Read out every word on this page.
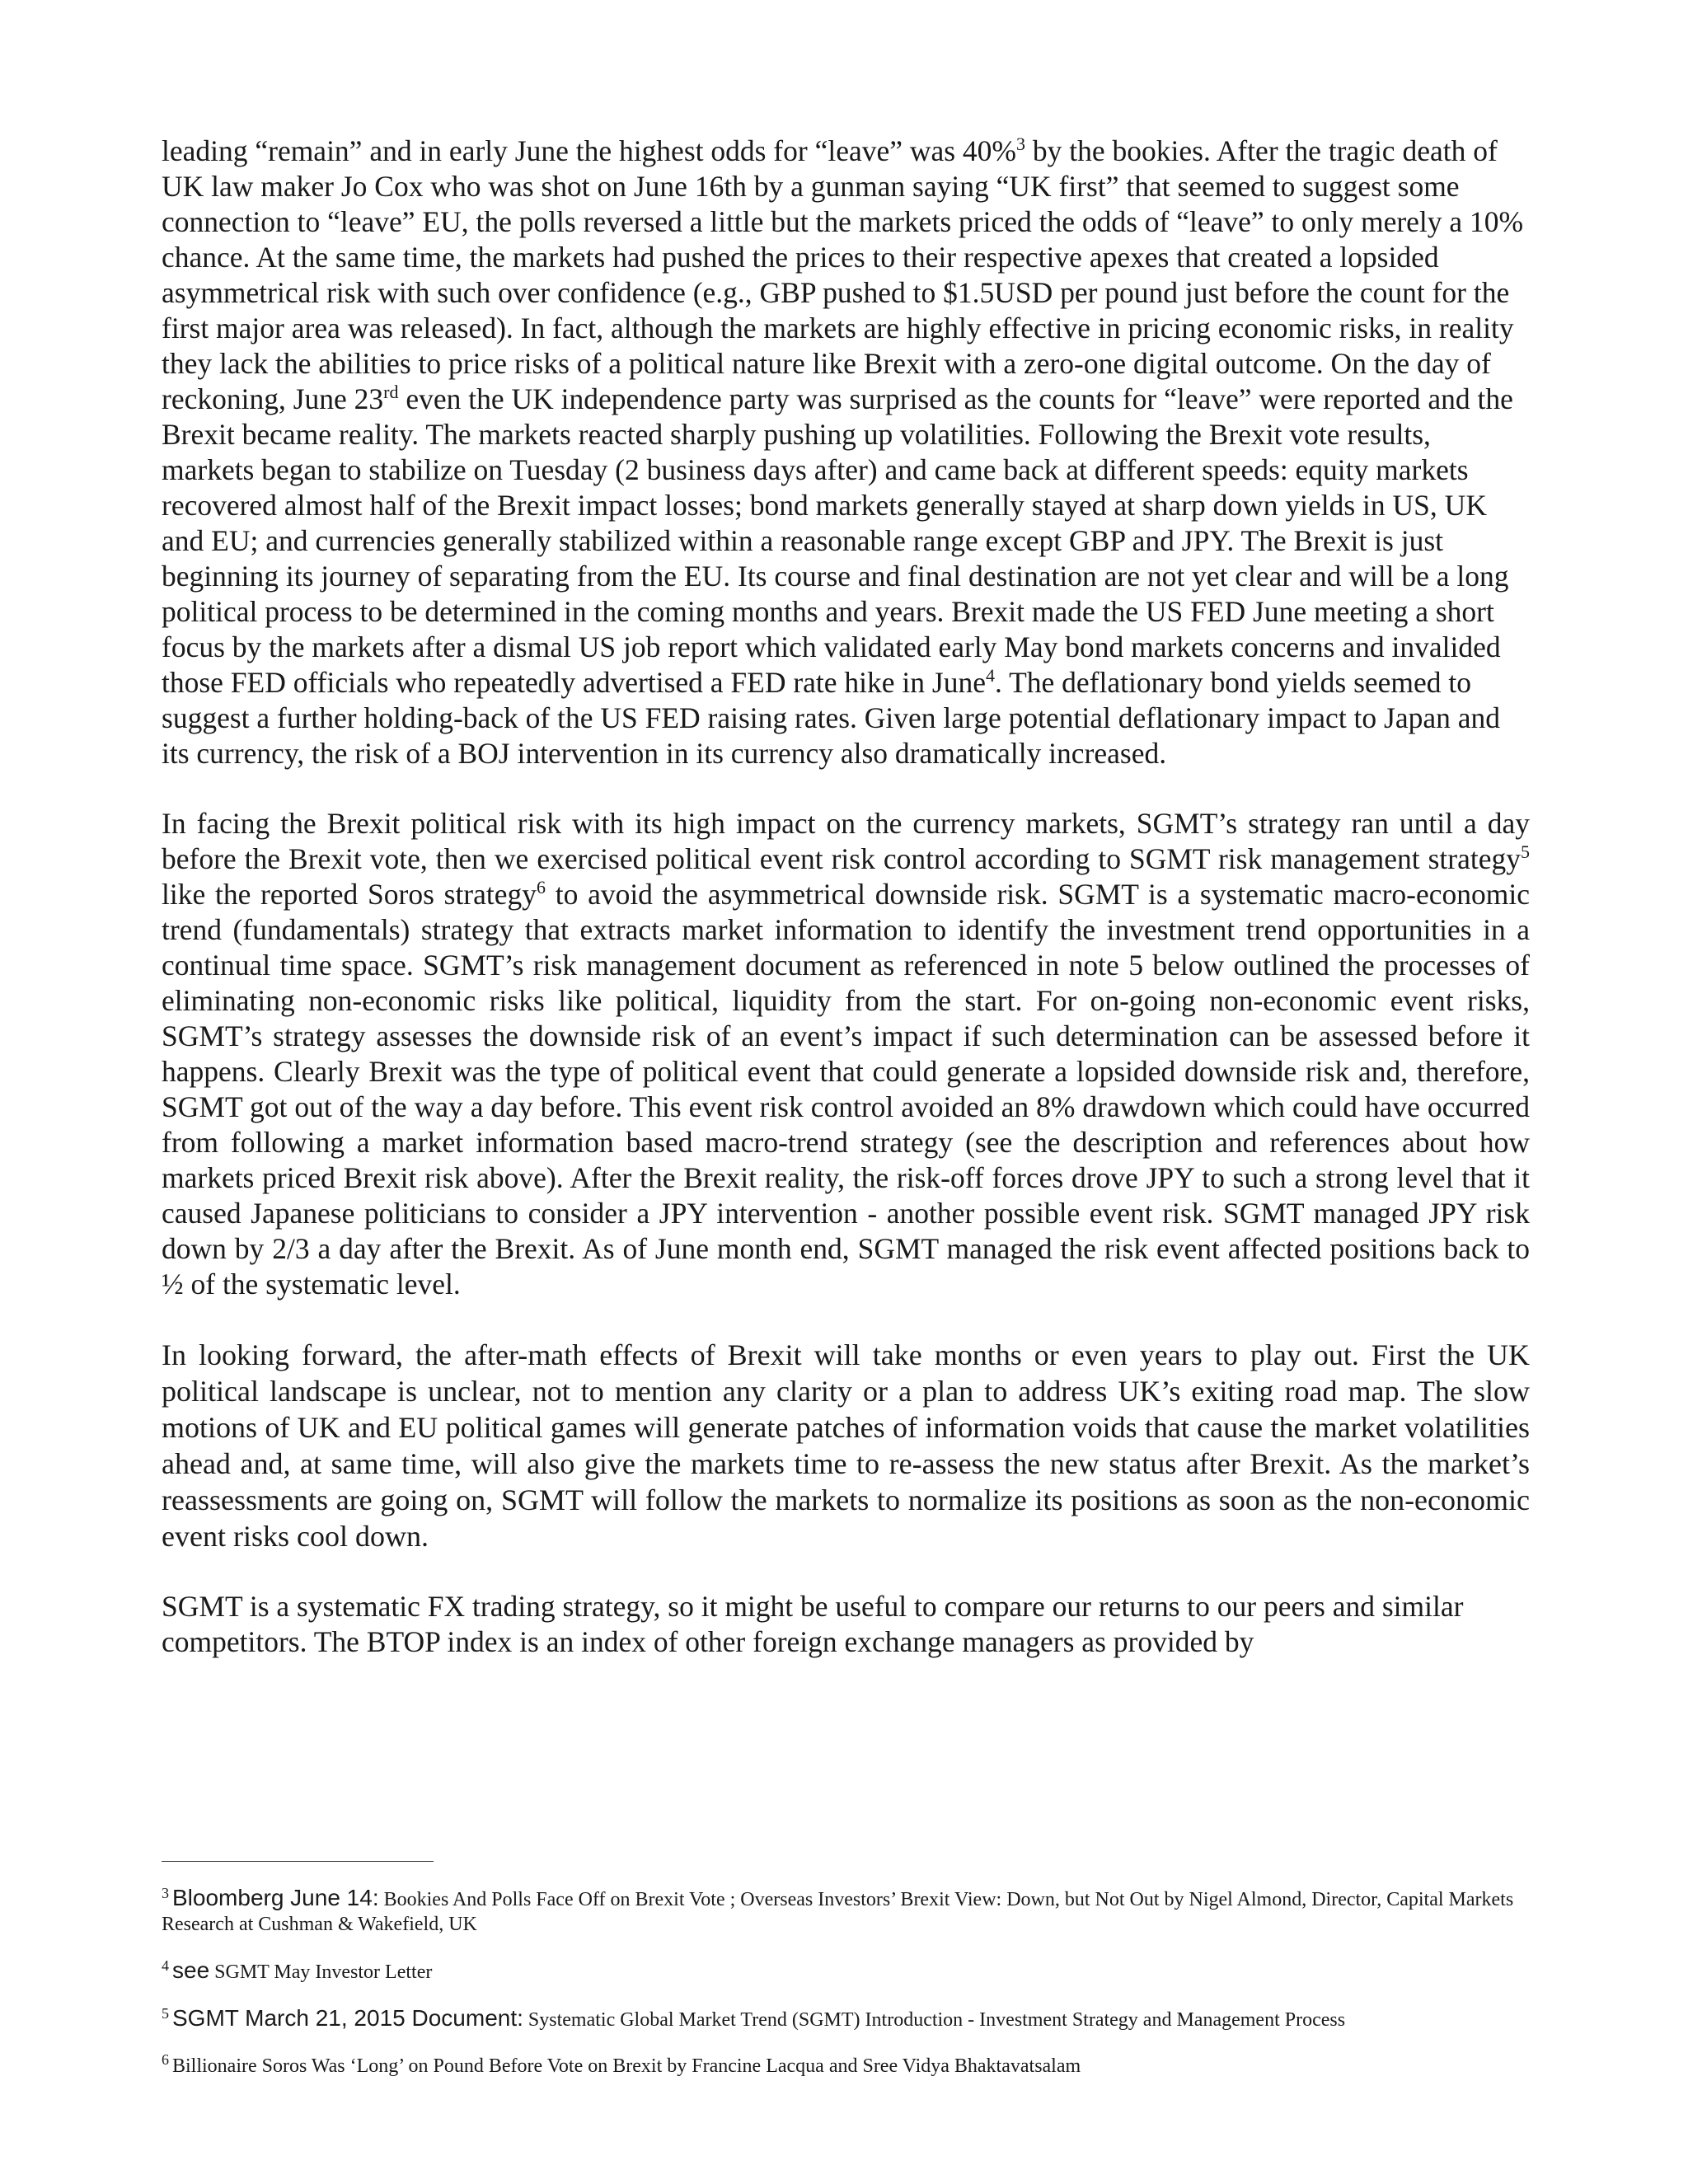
leading “remain” and in early June the highest odds for “leave” was 40%$^3$ by the bookies. After the tragic death of UK law maker Jo Cox who was shot on June 16th by a gunman saying “UK first” that seemed to suggest some connection to “leave” EU, the polls reversed a little but the markets priced the odds of “leave” to only merely a 10% chance. At the same time, the markets had pushed the prices to their respective apexes that created a lopsided asymmetrical risk with such over confidence (e.g., GBP pushed to $1.5USD per pound just before the count for the first major area was released). In fact, although the markets are highly effective in pricing economic risks, in reality they lack the abilities to price risks of a political nature like Brexit with a zero-one digital outcome. On the day of reckoning, June 23rd even the UK independence party was surprised as the counts for “leave” were reported and the Brexit became reality. The markets reacted sharply pushing up volatilities. Following the Brexit vote results, markets began to stabilize on Tuesday (2 business days after) and came back at different speeds: equity markets recovered almost half of the Brexit impact losses; bond markets generally stayed at sharp down yields in US, UK and EU; and currencies generally stabilized within a reasonable range except GBP and JPY. The Brexit is just beginning its journey of separating from the EU. Its course and final destination are not yet clear and will be a long political process to be determined in the coming months and years. Brexit made the US FED June meeting a short focus by the markets after a dismal US job report which validated early May bond markets concerns and invalided those FED officials who repeatedly advertised a FED rate hike in June$^4$. The deflationary bond yields seemed to suggest a further holding-back of the US FED raising rates. Given large potential deflationary impact to Japan and its currency, the risk of a BOJ intervention in its currency also dramatically increased.

In facing the Brexit political risk with its high impact on the currency markets, SGMT’s strategy ran until a day before the Brexit vote, then we exercised political event risk control according to SGMT risk management strategy$^5$ like the reported Soros strategy$^6$ to avoid the asymmetrical downside risk. SGMT is a systematic macro-economic trend (fundamentals) strategy that extracts market information to identify the investment trend opportunities in a continual time space. SGMT’s risk management document as referenced in note 5 below outlined the processes of eliminating non-economic risks like political, liquidity from the start. For on-going non-economic event risks, SGMT’s strategy assesses the downside risk of an event’s impact if such determination can be assessed before it happens. Clearly Brexit was the type of political event that could generate a lopsided downside risk and, therefore, SGMT got out of the way a day before. This event risk control avoided an 8% drawdown which could have occurred from following a market information based macro-trend strategy (see the description and references about how markets priced Brexit risk above). After the Brexit reality, the risk-off forces drove JPY to such a strong level that it caused Japanese politicians to consider a JPY intervention - another possible event risk. SGMT managed JPY risk down by 2/3 a day after the Brexit. As of June month end, SGMT managed the risk event affected positions back to ½ of the systematic level.

In looking forward, the after-math effects of Brexit will take months or even years to play out. First the UK political landscape is unclear, not to mention any clarity or a plan to address UK’s exiting road map. The slow motions of UK and EU political games will generate patches of information voids that cause the market volatilities ahead and, at same time, will also give the markets time to re-assess the new status after Brexit. As the market’s reassessments are going on, SGMT will follow the markets to normalize its positions as soon as the non-economic event risks cool down.

SGMT is a systematic FX trading strategy, so it might be useful to compare our returns to our peers and similar competitors. The BTOP index is an index of other foreign exchange managers as provided by

$^3$ Bloomberg June 14: Bookies And Polls Face Off on Brexit Vote ; Overseas Investors’ Brexit View: Down, but Not Out by Nigel Almond, Director, Capital Markets Research at Cushman & Wakefield, UK

$^4$ see SGMT May Investor Letter

$^5$ SGMT March 21, 2015 Document: Systematic Global Market Trend (SGMT) Introduction - Investment Strategy and Management Process

$^6$ Billionaire Soros Was ‘Long’ on Pound Before Vote on Brexit by Francine Lacqua and Sree Vidya Bhaktavatsalam
